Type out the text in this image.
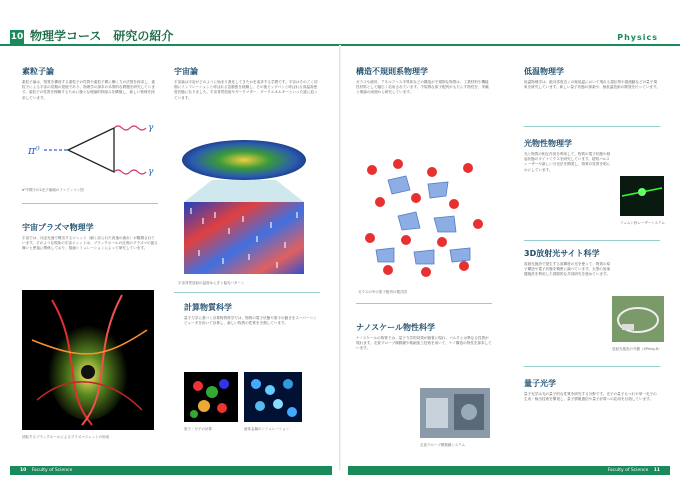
10 物理学コース　研究の紹介	Physics
素粒子論
素粒子論は、物質を構成する素粒子の性質や素粒子間に働く力の法則を探求し、素粒子による宇宙の初期の発展であり、物理学の探求の本質的な問題を研究しています。素粒子の性質を理解するために様々な理論的枠組みを構築し、新しい物理を探求しています。
π⁰
γ
γ
π⁰中間子の2光子崩壊のファインマン図
宇宙プラズマ物理学
宇宙では、ほぼ光速で噴出するジェット（細く絞られた高速の流れ）が観測されています。そのような現象の宇宙ジェットは、ブラックホールの近傍のプラズマの振る舞いと密接に関係しており、数値シミュレーションによって研究しています。
回転するブラックホールによるプラズマジェットの形成
宇宙論
宇宙論は宇宙がどのように始まり進化してきたかを追求する学問です。宇宙はそのごく初期にインフレーションと呼ばれる急膨張を経験し、その後ビッグバンと呼ばれる高温高密度状態になりました。宇宙背景放射やダークマター、ダークエネルギーといった謎に迫っています。
宇宙背景放射の温度ゆらぎと偏光パターン
計算物質科学
量子力学に基づく計算物質科学では、物質の電子状態や原子の動きをスーパーコンピュータを用いて計算し、新しい物質の性質を予測しています。
原子・分子の計算	液体金属のシミュレーション
構造不規則系物理学
ガラスや液体、アモルファス半導体などの構造が不規則な物質は、工業材料や機能性材料として幅広く応用されています。不規則な原子配列がもたらす物性を、実験と理論の両面から研究しています。
ガラスの中の原子配列の模式図
ナノスケール物性科学
ナノスケールの物質では、量子力学的効果が顕著に現れ、バルクとは異なる性質が現れます。走査プローブ顕微鏡や微細加工技術を用いて、ナノ構造の物性を探求しています。
走査プローブ顕微鏡システム
低温物理学
低温物理学は、絶対零度近くの極低温において現れる超伝導や超流動などの量子現象を研究しています。新しい量子状態の探索や、極低温技術の開発を行っています。
光物性物理学
光と物質の相互作用を利用して、物質の電子状態や励起状態のダイナミクスを研究しています。超短パルスレーザーや新しい分光法を開発し、物質の性質を明らかにしています。
フェムト秒レーザーシステム
3D放射光サイト科学
放射光施設で発生する高輝度の光を使って、物質の原子構造や電子状態を精密に調べています。大型の加速器施設を利用した国際的な共同研究を進めています。
放射光施設の外観（SPring-8）
量子光学
量子光学は光の量子的な性質を研究する分野です。光子の量子もつれや単一光子の生成・検出技術を開発し、量子情報通信や量子計算への応用を目指しています。
10 Faculty of Science	Faculty of Science 11
